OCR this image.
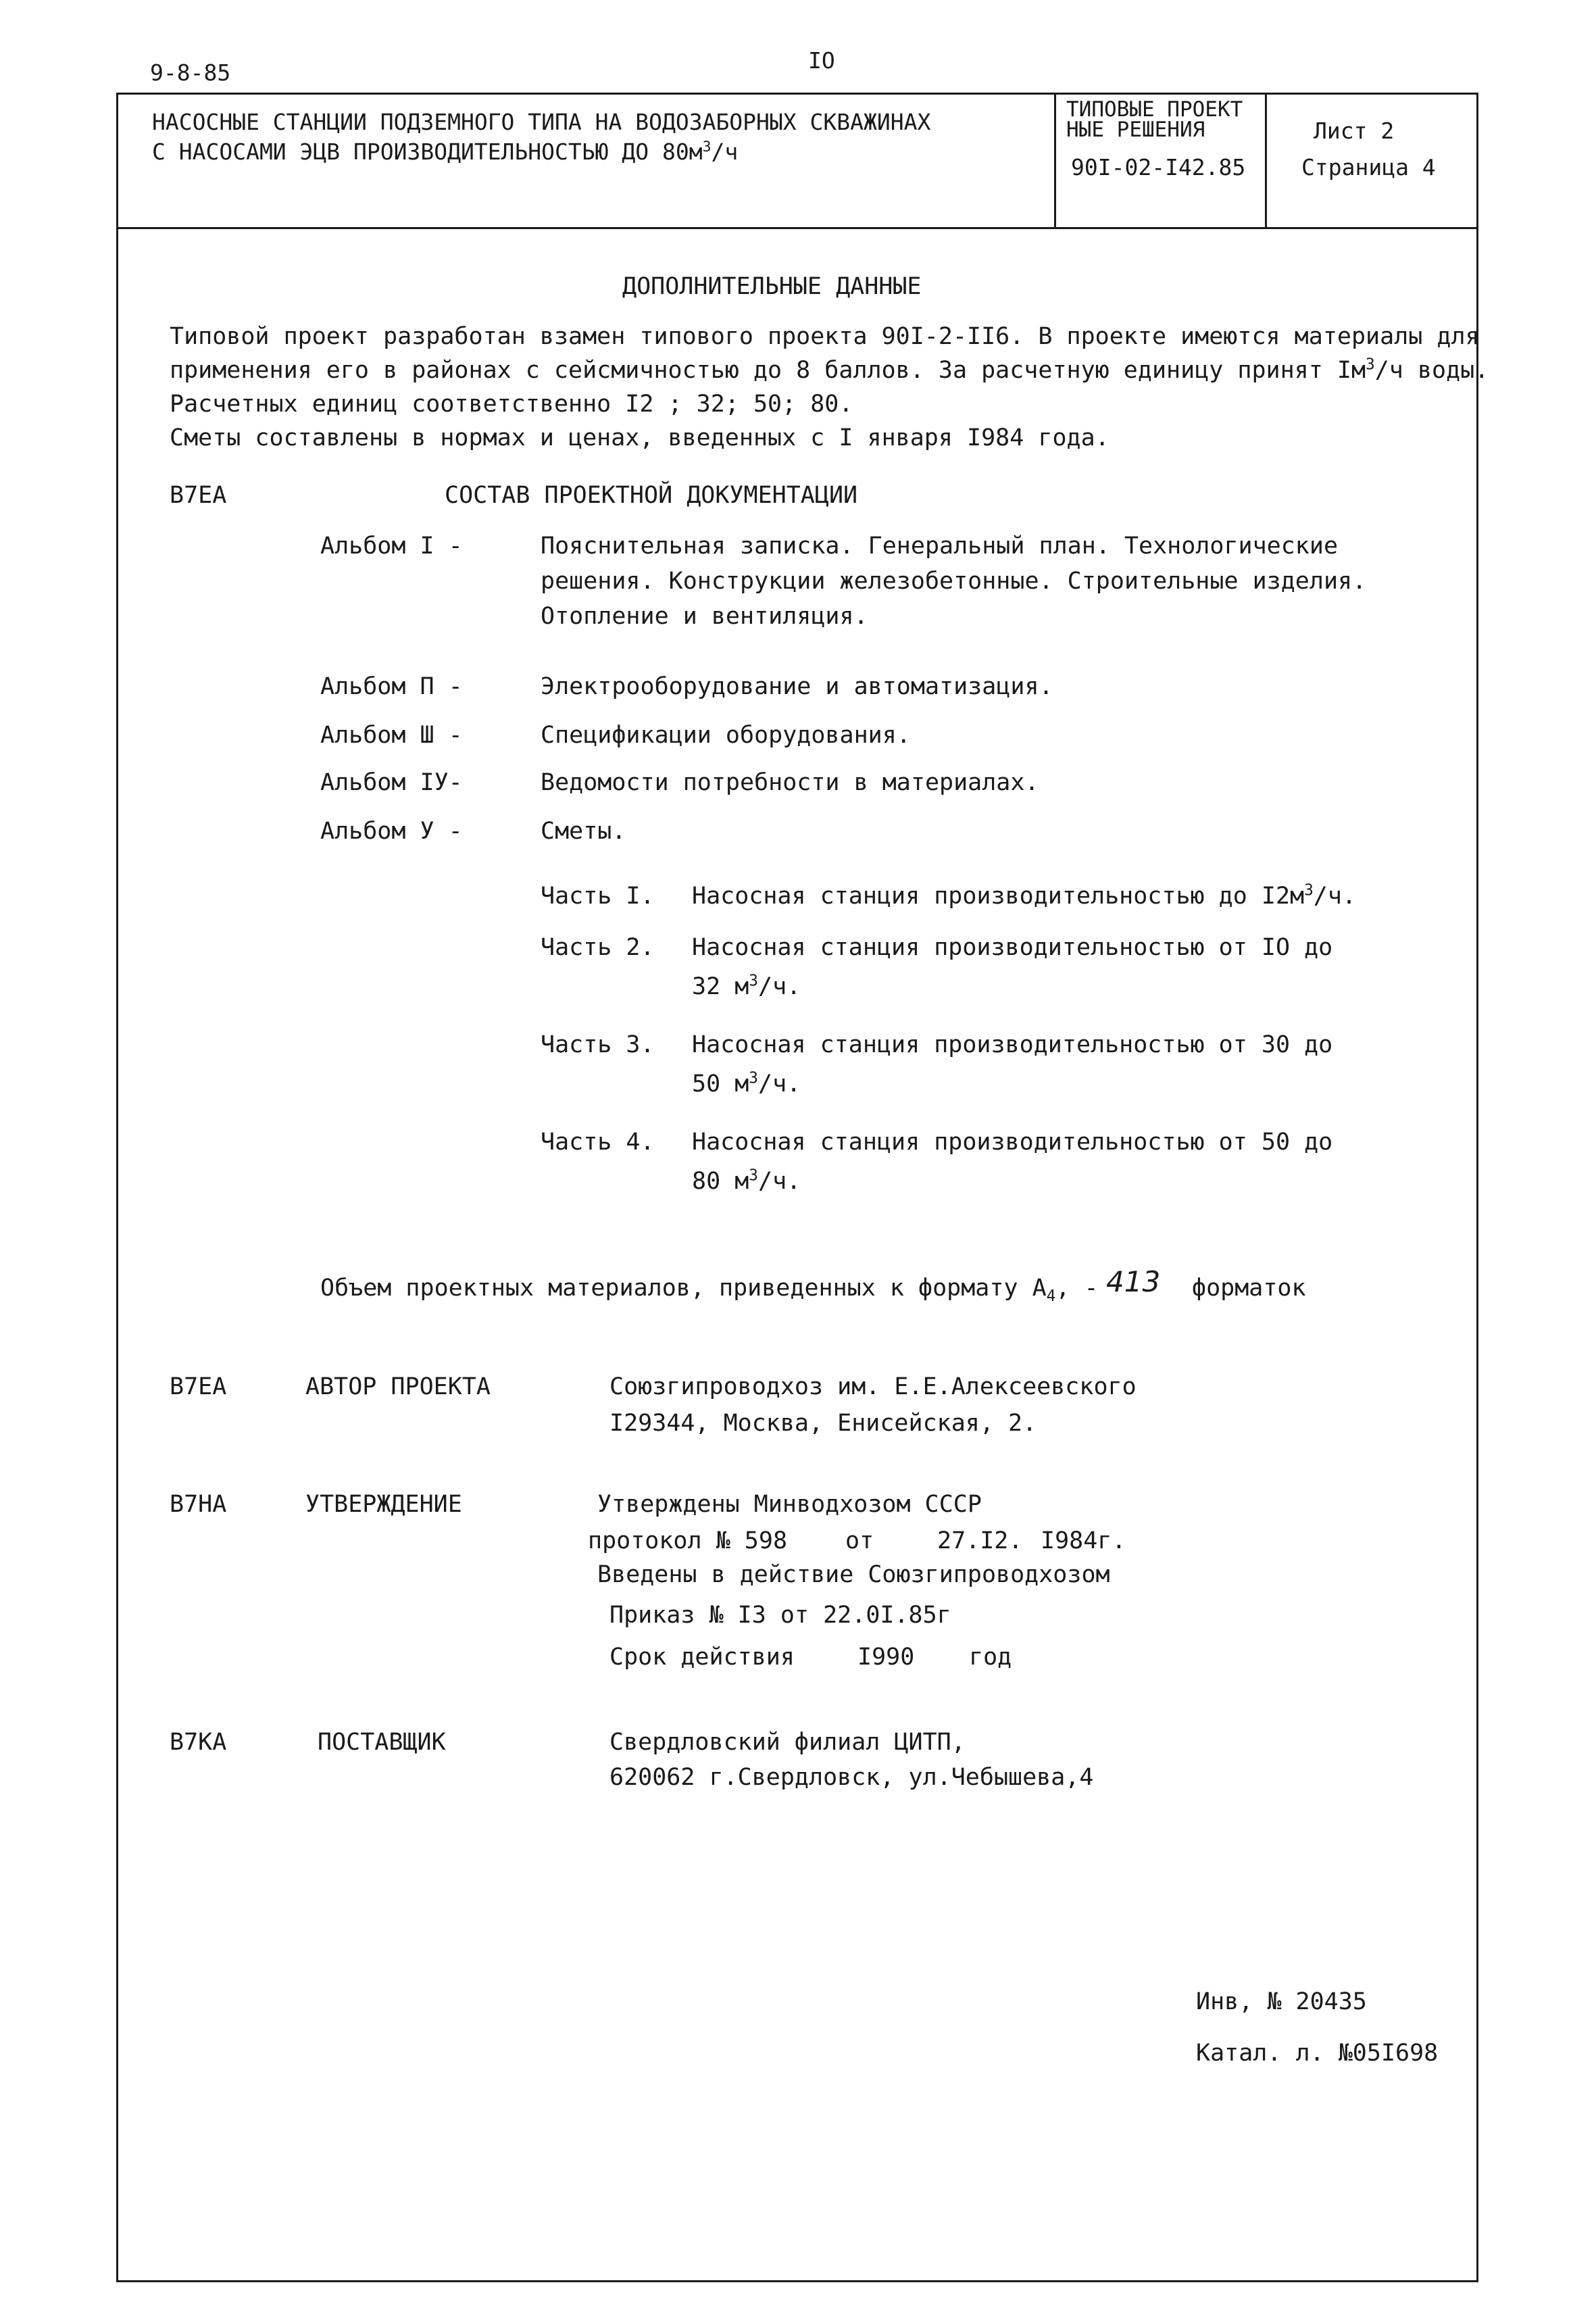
9-8-85	IO
НАСОСНЫЕ СТАНЦИИ ПОДЗЕМНОГО ТИПА НА ВОДОЗАБОРНЫХ СКВАЖИНАХ
С НАСОСАМИ ЭЦВ ПРОИЗВОДИТЕЛЬНОСТЬЮ ДО $80м^3/ч$
ТИПОВЫЕ ПРОЕКТ
НЫЕ РЕШЕНИЯ
90I-02-I42.85
Лист 2
Страница 4
ДОПОЛНИТЕЛЬНЫЕ ДАННЫЕ
Типовой проект разработан взамен типового проекта 90I-2-II6. В проекте имеются материалы для
применения его в районах с сейсмичностью до 8 баллов. За расчетную единицу принят $Iм^3/ч$ воды.
Расчетных единиц соответственно I2 ; 32; 50; 80.
Сметы составлены в нормах и ценах, введенных с I января I984 года.
В7ЕА	СОСТАВ ПРОЕКТНОЙ ДОКУМЕНТАЦИИ
Альбом I -	Пояснительная записка. Генеральный план. Технологические
решения. Конструкции железобетонные. Строительные изделия.
Отопление и вентиляция.
Альбом П -	Электрооборудование и автоматизация.
Альбом Ш -	Спецификации оборудования.
Альбом IУ-	Ведомости потребности в материалах.
Альбом У -	Сметы.
Часть I. Насосная станция производительностью до $I2м^3/ч$.
Часть 2. Насосная станция производительностью от IO до
32 $м^3/ч$.
Часть 3. Насосная станция производительностью от 30 до
50 $м^3/ч$.
Часть 4. Насосная станция производительностью от 50 до
80 $м^3/ч$.
Объем проектных материалов, приведенных к формату $А_4$, - 413 форматок
В7ЕА	АВТОР ПРОЕКТА	Союзгипроводхоз им. Е.Е.Алексеевского
I29344, Москва, Енисейская, 2.
В7НА	УТВЕРЖДЕНИЕ	Утверждены Минводхозом СССР
протокол № 598 от	27.I2. I984г.
Введены в действие Союзгипроводхозом
Приказ № I3 от 22.0I.85г
Срок действия	I990 год
В7КА	ПОСТАВЩИК	Свердловский филиал ЦИТП,
620062 г.Свердловск, ул.Чебышева,4
Инв, № 20435
Катал. л. №05I698
